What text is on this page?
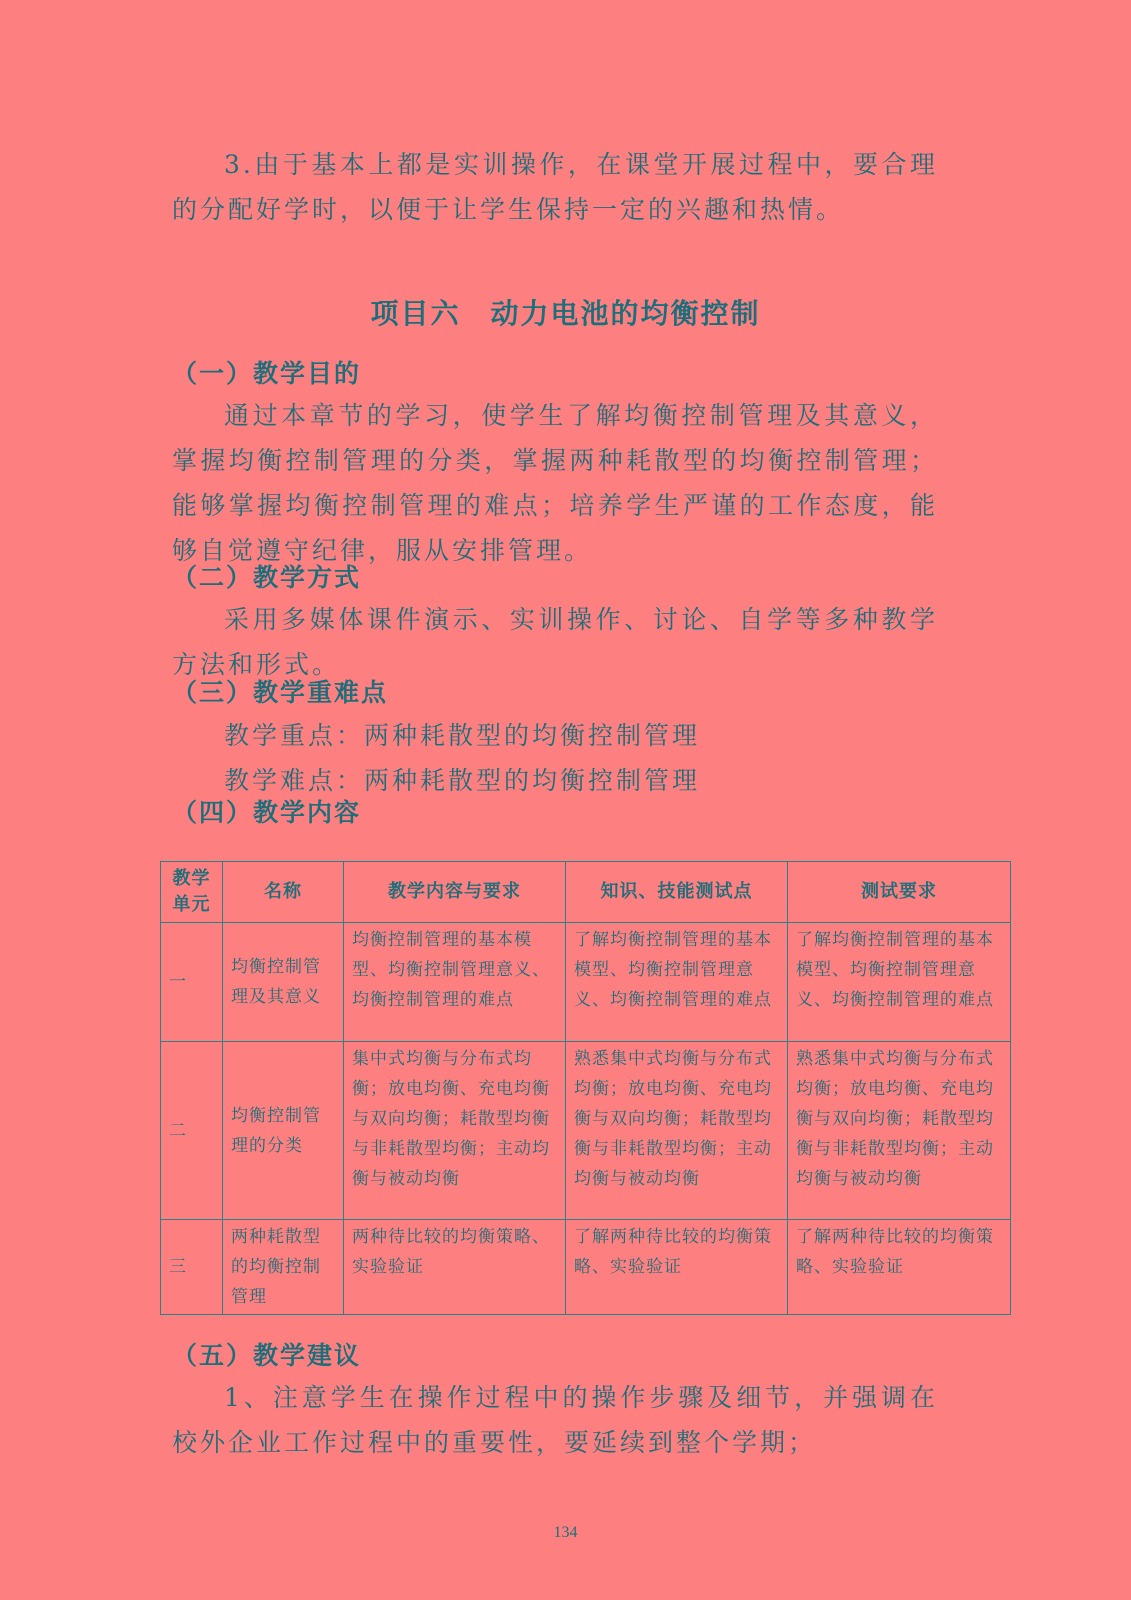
3.由于基本上都是实训操作，在课堂开展过程中，要合理的分配好学时，以便于让学生保持一定的兴趣和热情。

项目六 动力电池的均衡控制
（一）教学目的

通过本章节的学习，使学生了解均衡控制管理及其意义，掌握均衡控制管理的分类，掌握两种耗散型的均衡控制管理；能够掌握均衡控制管理的难点；培养学生严谨的工作态度，能够自觉遵守纪律，服从安排管理。

（二）教学方式

采用多媒体课件演示、实训操作、讨论、自学等多种教学方法和形式。

（三）教学重难点

教学重点：两种耗散型的均衡控制管理

教学难点：两种耗散型的均衡控制管理

（四）教学内容
教学单元	名称	教学内容与要求	知识、技能测试点	测试要求
一	均衡控制管理及其意义	均衡控制管理的基本模型、均衡控制管理意义、均衡控制管理的难点	了解均衡控制管理的基本模型、均衡控制管理意义、均衡控制管理的难点	了解均衡控制管理的基本模型、均衡控制管理意义、均衡控制管理的难点
二	均衡控制管理的分类	集中式均衡与分布式均衡；放电均衡、充电均衡与双向均衡；耗散型均衡与非耗散型均衡；主动均衡与被动均衡	熟悉集中式均衡与分布式均衡；放电均衡、充电均衡与双向均衡；耗散型均衡与非耗散型均衡；主动均衡与被动均衡	熟悉集中式均衡与分布式均衡；放电均衡、充电均衡与双向均衡；耗散型均衡与非耗散型均衡；主动均衡与被动均衡
三	两种耗散型的均衡控制管理	两种待比较的均衡策略、实验验证	了解两种待比较的均衡策略、实验验证	了解两种待比较的均衡策略、实验验证
（五）教学建议

1、注意学生在操作过程中的操作步骤及细节，并强调在校外企业工作过程中的重要性，要延续到整个学期；

134
